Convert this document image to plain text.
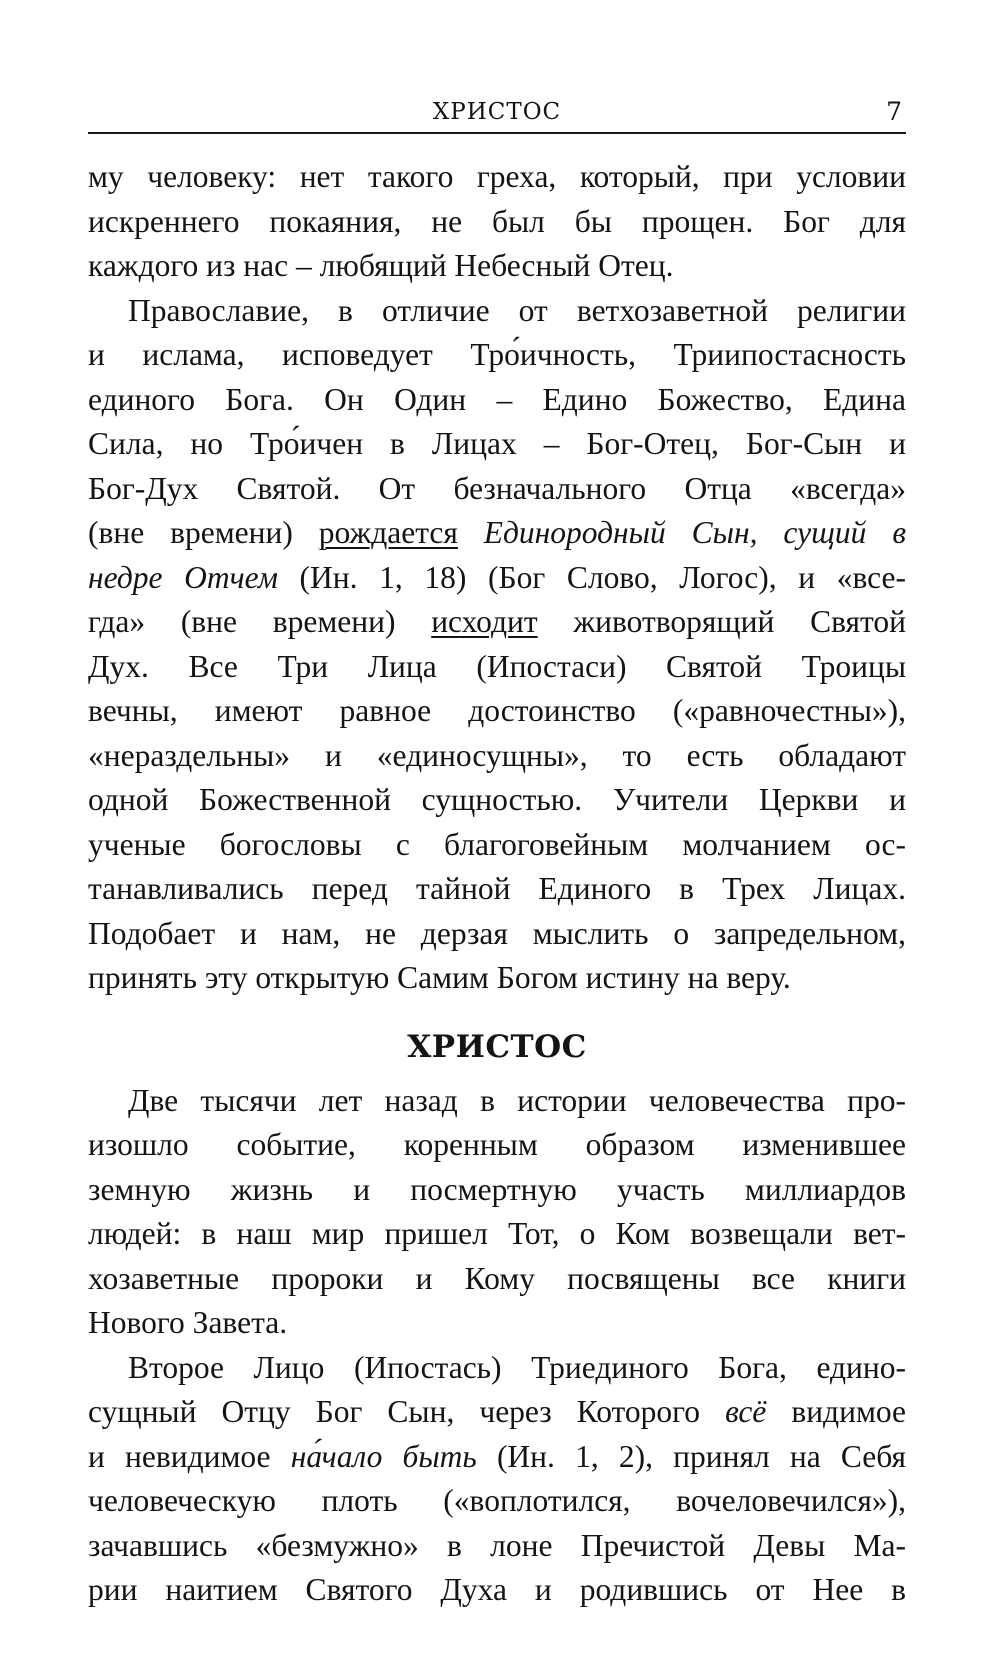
ХРИСТОС	7
му человеку: нет такого греха, который, при условии
искреннего покаяния, не был бы прощен. Бог для
каждого из нас – любящий Небесный Отец.
Православие, в отличие от ветхозаветной религии
и ислама, исповедует Тро́ичность, Триипостасность
единого Бога. Он Один – Едино Божество, Едина
Сила, но Тро́ичен в Лицах – Бог-Отец, Бог-Сын и
Бог-Дух Святой. От безначального Отца «всегда»
(вне времени) рождается Единородный Сын, сущий в
недре Отчем (Ин. 1, 18) (Бог Слово, Логос), и «все-
гда» (вне времени) исходит животворящий Святой
Дух. Все Три Лица (Ипостаси) Святой Троицы
вечны, имеют равное достоинство («равночестны»),
«нераздельны» и «единосущны», то есть обладают
одной Божественной сущностью. Учители Церкви и
ученые богословы с благоговейным молчанием ос-
танавливались перед тайной Единого в Трех Лицах.
Подобает и нам, не дерзая мыслить о запредельном,
принять эту открытую Самим Богом истину на веру.
ХРИСТОС
Две тысячи лет назад в истории человечества про-
изошло событие, коренным образом изменившее
земную жизнь и посмертную участь миллиардов
людей: в наш мир пришел Тот, о Ком возвещали вет-
хозаветные пророки и Кому посвящены все книги
Нового Завета.
Второе Лицо (Ипостась) Триединого Бога, едино-
сущный Отцу Бог Сын, через Которого всё видимое
и невидимое на́чало быть (Ин. 1, 2), принял на Себя
человеческую плоть («воплотился, вочеловечился»),
зачавшись «безмужно» в лоне Пречистой Девы Ма-
рии наитием Святого Духа и родившись от Нее в
